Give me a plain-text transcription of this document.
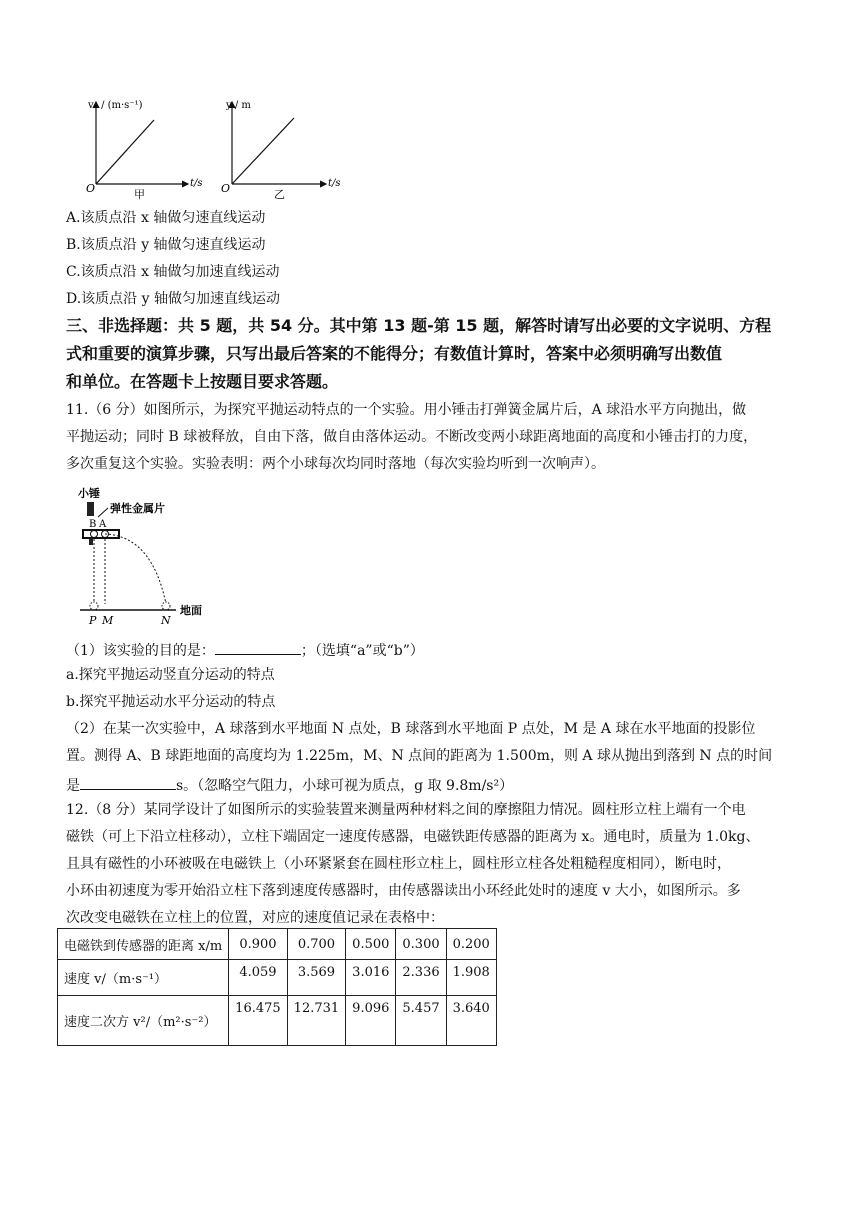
vₓ / (m·s⁻¹)
t/s
O	甲
y / m
t/s
O	乙
A.该质点沿 x 轴做匀速直线运动
B.该质点沿 y 轴做匀速直线运动
C.该质点沿 x 轴做匀加速直线运动
D.该质点沿 y 轴做匀加速直线运动
三、非选择题：共 5 题，共 54 分。其中第 13 题-第 15 题，解答时请写出必要的文字说明、方程
式和重要的演算步骤，只写出最后答案的不能得分；有数值计算时，答案中必须明确写出数值
和单位。在答题卡上按题目要求答题。
11.（6 分）如图所示，为探究平抛运动特点的一个实验。用小锤击打弹簧金属片后，A 球沿水平方向抛出，做
平抛运动；同时 B 球被释放，自由下落，做自由落体运动。不断改变两小球距离地面的高度和小锤击打的力度，
多次重复这个实验。实验表明：两个小球每次均同时落地（每次实验均听到一次响声）。
小锤
弹性金属片
B A
地面
P M	N
（1）该实验的目的是：	；（选填“a”或“b”）
a.探究平抛运动竖直分运动的特点
b.探究平抛运动水平分运动的特点
（2）在某一次实验中，A 球落到水平地面 N 点处，B 球落到水平地面 P 点处，M 是 A 球在水平地面的投影位
置。测得 A、B 球距地面的高度均为 1.225m，M、N 点间的距离为 1.500m，则 A 球从抛出到落到 N 点的时间
是	s。（忽略空气阻力，小球可视为质点，g 取 9.8m/s²）
12.（8 分）某同学设计了如图所示的实验装置来测量两种材料之间的摩擦阻力情况。圆柱形立柱上端有一个电
磁铁（可上下沿立柱移动），立柱下端固定一速度传感器，电磁铁距传感器的距离为 x。通电时，质量为 1.0kg、
且具有磁性的小环被吸在电磁铁上（小环紧紧套在圆柱形立柱上，圆柱形立柱各处粗糙程度相同），断电时，
小环由初速度为零开始沿立柱下落到速度传感器时，由传感器读出小环经此处时的速度 v 大小，如图所示。多
次改变电磁铁在立柱上的位置，对应的速度值记录在表格中：
电磁铁到传感器的距离 x/m	0.900	0.700	0.500	0.300	0.200
速度 v/（m·s⁻¹）	4.059	3.569	3.016	2.336	1.908
速度二次方 v²/（m²·s⁻²）	16.475	12.731	9.096	5.457	3.640
